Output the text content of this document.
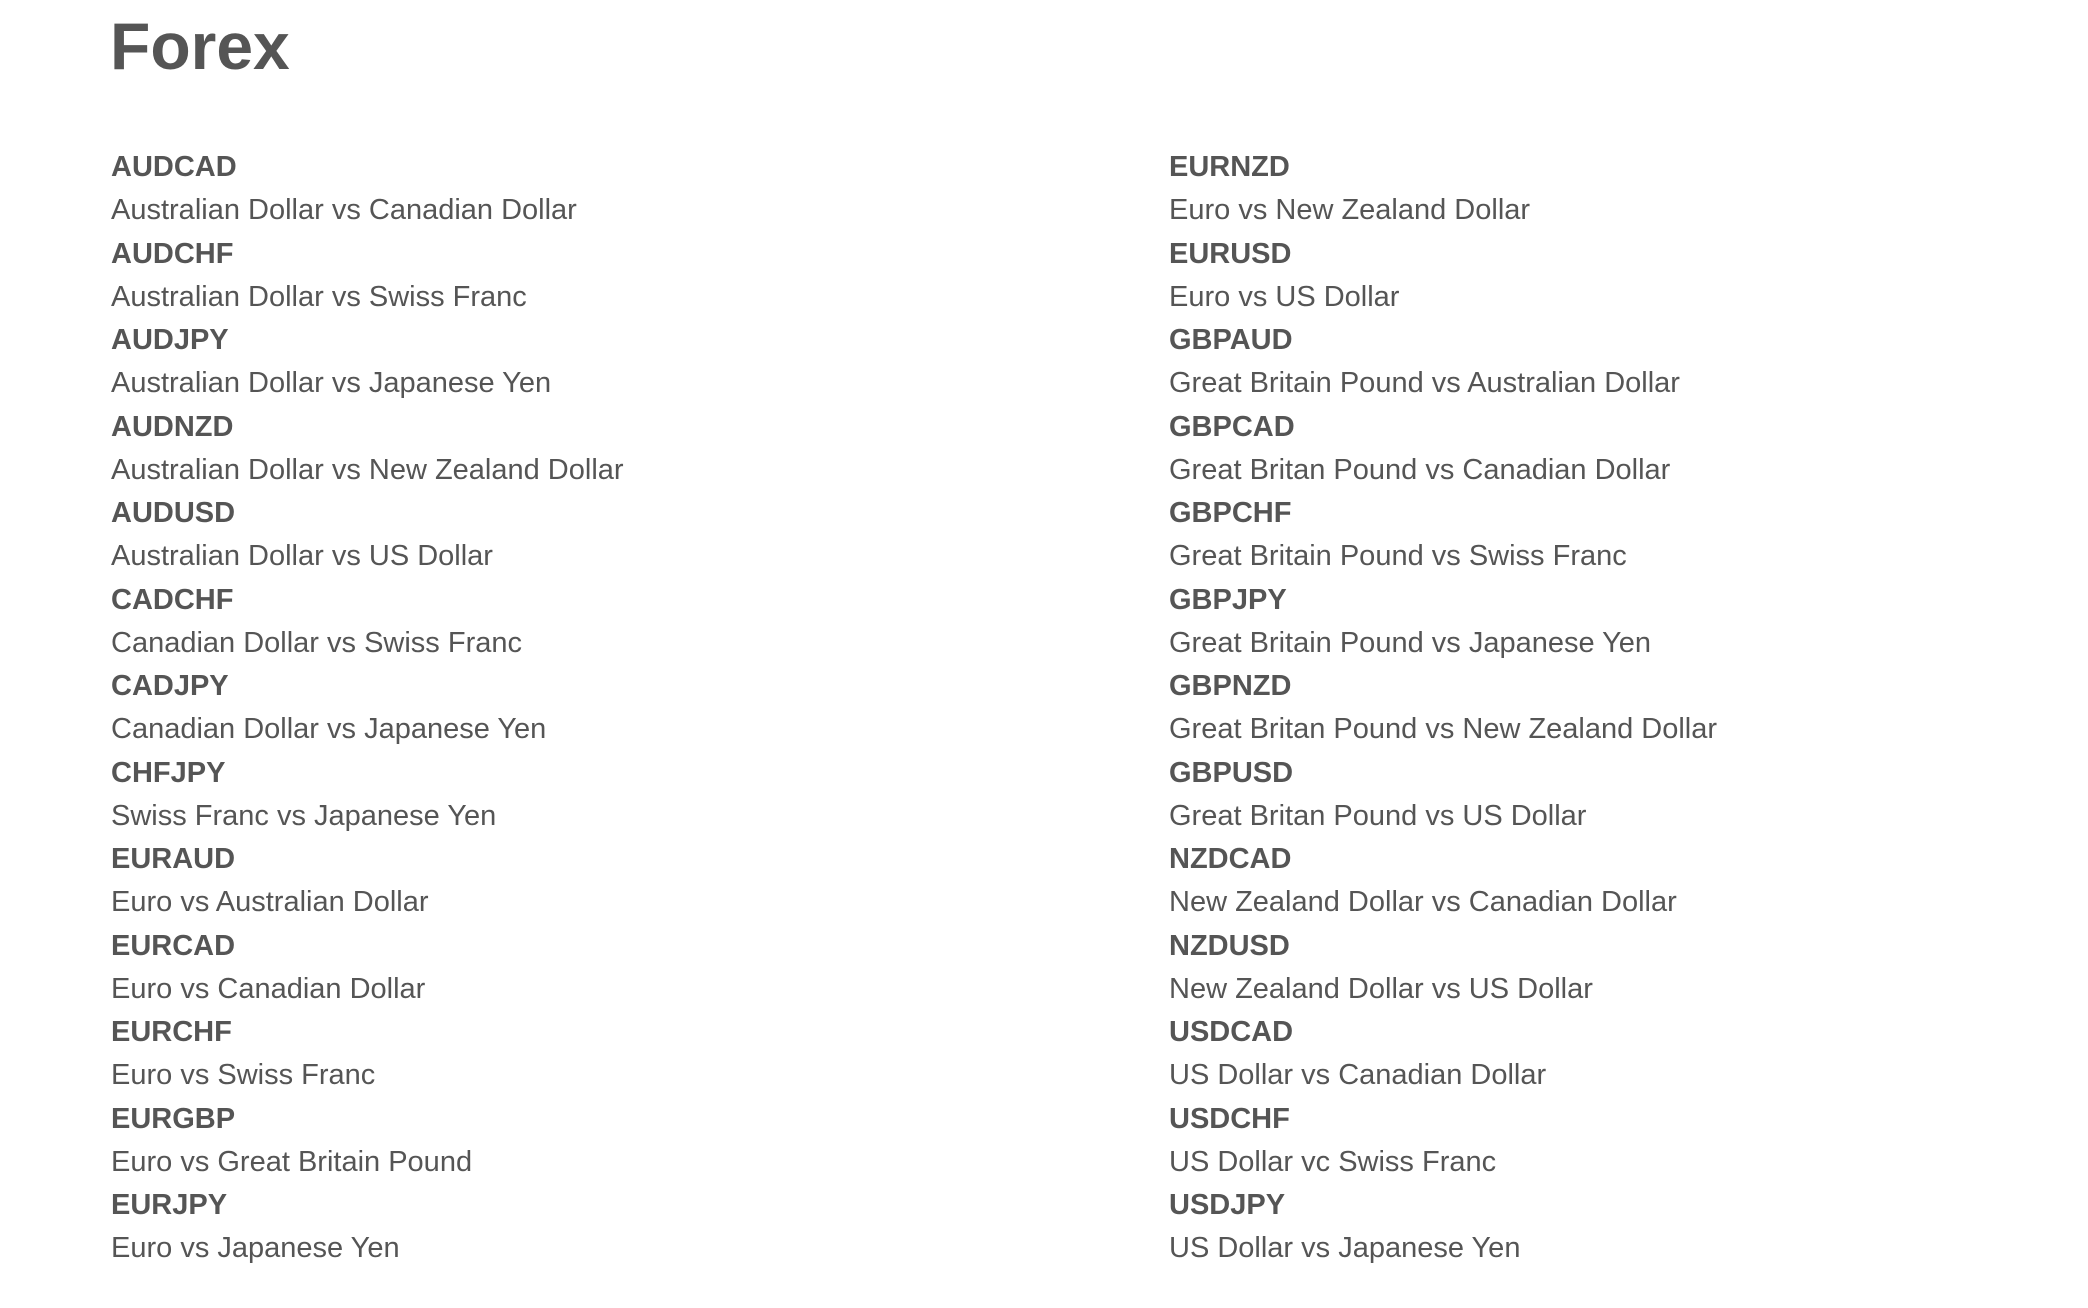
Forex
AUDCAD
Australian Dollar vs Canadian Dollar
AUDCHF
Australian Dollar vs Swiss Franc
AUDJPY
Australian Dollar vs Japanese Yen
AUDNZD
Australian Dollar vs New Zealand Dollar
AUDUSD
Australian Dollar vs US Dollar
CADCHF
Canadian Dollar vs Swiss Franc
CADJPY
Canadian Dollar vs Japanese Yen
CHFJPY
Swiss Franc vs Japanese Yen
EURAUD
Euro vs Australian Dollar
EURCAD
Euro vs Canadian Dollar
EURCHF
Euro vs Swiss Franc
EURGBP
Euro vs Great Britain Pound
EURJPY
Euro vs Japanese Yen
EURNZD
Euro vs New Zealand Dollar
EURUSD
Euro vs US Dollar
GBPAUD
Great Britain Pound vs Australian Dollar
GBPCAD
Great Britan Pound vs Canadian Dollar
GBPCHF
Great Britain Pound vs Swiss Franc
GBPJPY
Great Britain Pound vs Japanese Yen
GBPNZD
Great Britan Pound vs New Zealand Dollar
GBPUSD
Great Britan Pound vs US Dollar
NZDCAD
New Zealand Dollar vs Canadian Dollar
NZDUSD
New Zealand Dollar vs US Dollar
USDCAD
US Dollar vs Canadian Dollar
USDCHF
US Dollar vc Swiss Franc
USDJPY
US Dollar vs Japanese Yen
